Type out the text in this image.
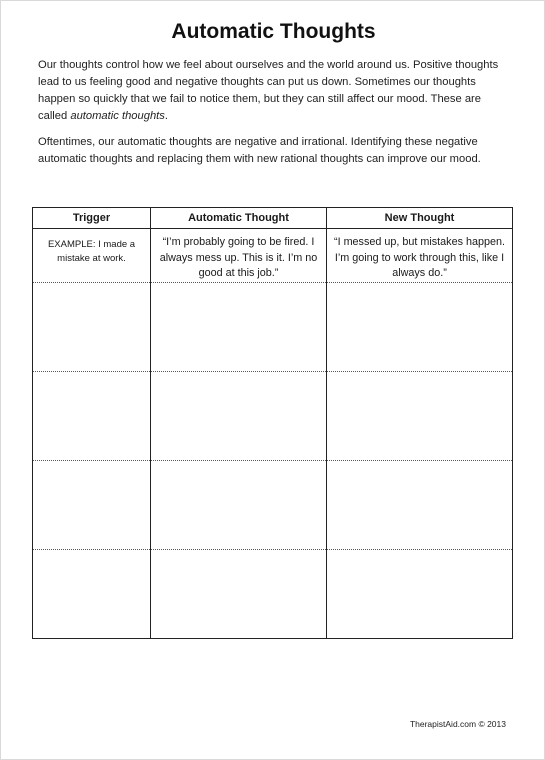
Automatic Thoughts

Our thoughts control how we feel about ourselves and the world around us. Positive thoughts lead to us feeling good and negative thoughts can put us down. Sometimes our thoughts happen so quickly that we fail to notice them, but they can still affect our mood. These are called automatic thoughts.

Oftentimes, our automatic thoughts are negative and irrational. Identifying these negative automatic thoughts and replacing them with new rational thoughts can improve our mood.

Trigger	Automatic Thought	New Thought

EXAMPLE: I made a mistake at work.	“I’m probably going to be fired. I always mess up. This is it. I’m no good at this job.”	“I messed up, but mistakes happen. I’m going to work through this, like I always do.”

TherapistAid.com © 2013
